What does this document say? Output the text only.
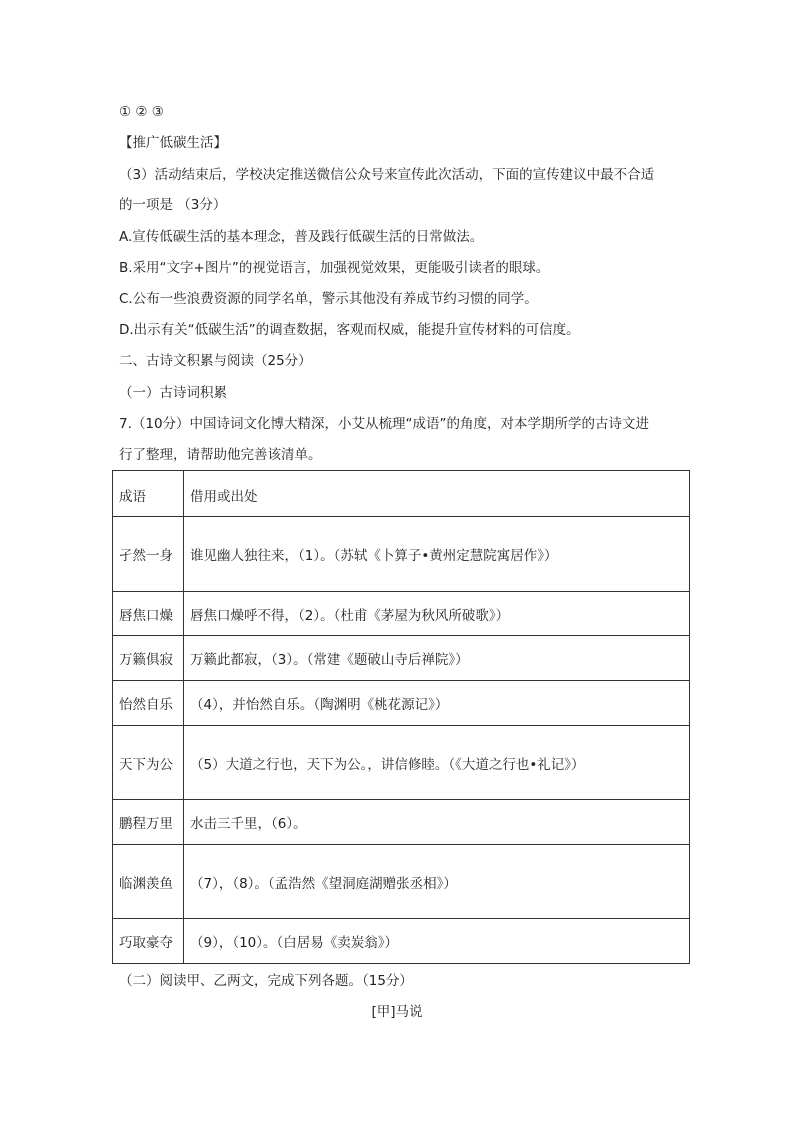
① ② ③
【推广低碳生活】
（3）活动结束后，学校决定推送微信公众号来宣传此次活动，下面的宣传建议中最不合适
的一项是 （3分）
A.宣传低碳生活的基本理念，普及践行低碳生活的日常做法。
B.采用“文字+图片”的视觉语言，加强视觉效果，更能吸引读者的眼球。
C.公布一些浪费资源的同学名单，警示其他没有养成节约习惯的同学。
D.出示有关“低碳生活”的调查数据，客观而权威，能提升宣传材料的可信度。
二、古诗文积累与阅读（25分）
（一）古诗词积累
7.（10分）中国诗词文化博大精深，小艾从梳理“成语”的角度，对本学期所学的古诗文进
行了整理，请帮助他完善该清单。
成语	借用或出处
孑然一身	谁见幽人独往来，（1）。（苏轼《卜算子•黄州定慧院寓居作》）
唇焦口燥	唇焦口燥呼不得，（2）。（杜甫《茅屋为秋风所破歌》）
万籁俱寂	万籁此都寂，（3）。（常建《题破山寺后禅院》）
怡然自乐	（4），并怡然自乐。（陶渊明《桃花源记》）
天下为公	（5）大道之行也，天下为公。，讲信修睦。（《大道之行也•礼记》）
鹏程万里	水击三千里，（6）。
临渊羡鱼	（7），（8）。（孟浩然《望洞庭湖赠张丞相》）
巧取豪夺	（9），（10）。（白居易《卖炭翁》）
（二）阅读甲、乙两文，完成下列各题。（15分）
[甲]马说
